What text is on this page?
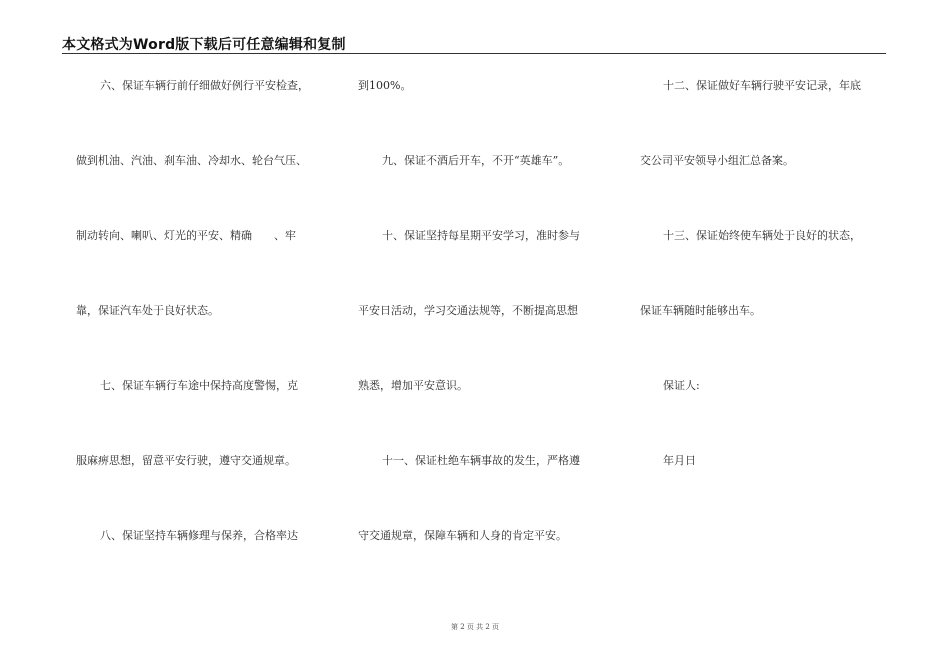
本文格式为Word版下载后可任意编辑和复制
六、保证车辆行前仔细做好例行平安检查，
做到机油、汽油、刹车油、冷却水、轮台气压、
制动转向、喇叭、灯光的平安、精确　　、牢
靠，保证汽车处于良好状态。
七、保证车辆行车途中保持高度警惕，克
服麻痹思想，留意平安行驶，遵守交通规章。
八、保证坚持车辆修理与保养，合格率达
到100%。
九、保证不酒后开车，不开“英雄车”。
十、保证坚持每星期平安学习，准时参与
平安日活动，学习交通法规等，不断提高思想
熟悉，增加平安意识。
十一、保证杜绝车辆事故的发生，严格遵
守交通规章，保障车辆和人身的肯定平安。
十二、保证做好车辆行驶平安记录，年底
交公司平安领导小组汇总备案。
十三、保证始终使车辆处于良好的状态，
保证车辆随时能够出车。
保证人:
年月日
第 2 页 共 2 页
